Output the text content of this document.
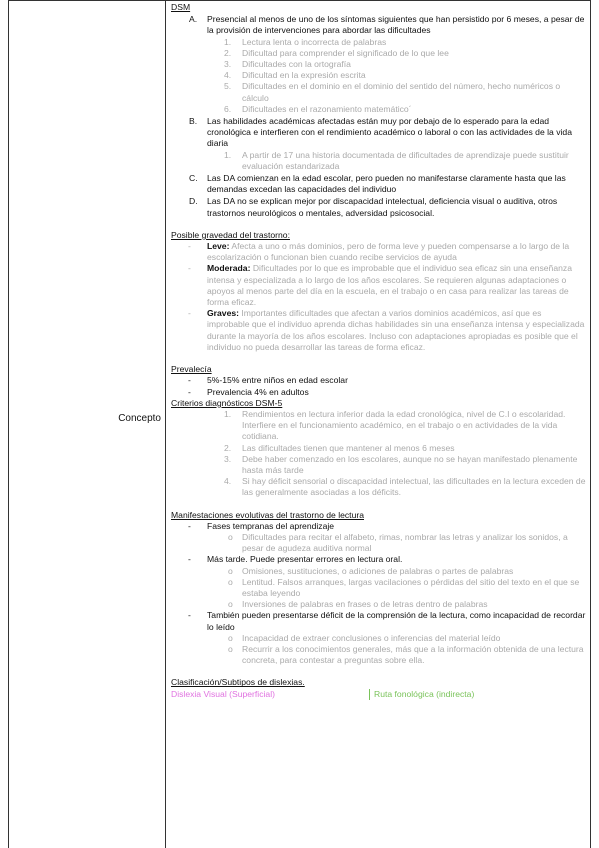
Concepto
DSM
A. Presencial al menos de uno de los síntomas siguientes que han persistido por 6 meses, a pesar de la provisión de intervenciones para abordar las dificultades
1. Lectura lenta o incorrecta de palabras
2. Dificultad para comprender el significado de lo que lee
3. Dificultades con la ortografía
4. Dificultad en la expresión escrita
5. Dificultades en el dominio en el dominio del sentido del número, hecho numéricos o cálculo
6. Dificultades en el razonamiento matemático´
B. Las habilidades académicas afectadas están muy por debajo de lo esperado para la edad cronológica e interfieren con el rendimiento académico o laboral o con las actividades de la vida diaria
1. A partir de 17 una historia documentada de dificultades de aprendizaje puede sustituir evaluación estandarizada
C. Las DA comienzan en la edad escolar, pero pueden no manifestarse claramente hasta que las demandas excedan las capacidades del individuo
D. Las DA no se explican mejor por discapacidad intelectual, deficiencia visual o auditiva, otros trastornos neurológicos o mentales, adversidad psicosocial.
Posible gravedad del trastorno:
- Leve: Afecta a uno o más dominios, pero de forma leve y pueden compensarse a lo largo de la escolarización o funcionan bien cuando recibe servicios de ayuda
- Moderada: Dificultades por lo que es improbable que el individuo sea eficaz sin una enseñanza intensa y especializada a lo largo de los años escolares. Se requieren algunas adaptaciones o apoyos al menos parte del día en la escuela, en el trabajo o en casa para realizar las tareas de forma eficaz.
- Graves: Importantes dificultades que afectan a varios dominios académicos, así que es improbable que el individuo aprenda dichas habilidades sin una enseñanza intensa y especializada durante la mayoría de los años escolares. Incluso con adaptaciones apropiadas es posible que el individuo no pueda desarrollar las tareas de forma eficaz.
Prevalecía
- 5%-15% entre niños en edad escolar
- Prevalencia 4% en adultos
Criterios diagnósticos DSM-5
1. Rendimientos en lectura inferior dada la edad cronológica, nivel de C.I o escolaridad. Interfiere en el funcionamiento académico, en el trabajo o en actividades de la vida cotidiana.
2. Las dificultades tienen que mantener al menos 6 meses
3. Debe haber comenzado en los escolares, aunque no se hayan manifestado plenamente hasta más tarde
4. Si hay déficit sensorial o discapacidad intelectual, las dificultades en la lectura exceden de las generalmente asociadas a los déficits.
Manifestaciones evolutivas del trastorno de lectura
- Fases tempranas del aprendizaje
o Dificultades para recitar el alfabeto, rimas, nombrar las letras y analizar los sonidos, a pesar de agudeza auditiva normal
- Más tarde. Puede presentar errores en lectura oral.
o Omisiones, sustituciones, o adiciones de palabras o partes de palabras
o Lentitud. Falsos arranques, largas vacilaciones o pérdidas del sitio del texto en el que se estaba leyendo
o Inversiones de palabras en frases o de letras dentro de palabras
- También pueden presentarse déficit de la comprensión de la lectura, como incapacidad de recordar lo leído
o Incapacidad de extraer conclusiones o inferencias del material leído
o Recurrir a los conocimientos generales, más que a la información obtenida de una lectura concreta, para contestar a preguntas sobre ella.
Clasificación/Subtipos de dislexias.
Dislexia Visual (Superficial)	Ruta fonológica (indirecta)
